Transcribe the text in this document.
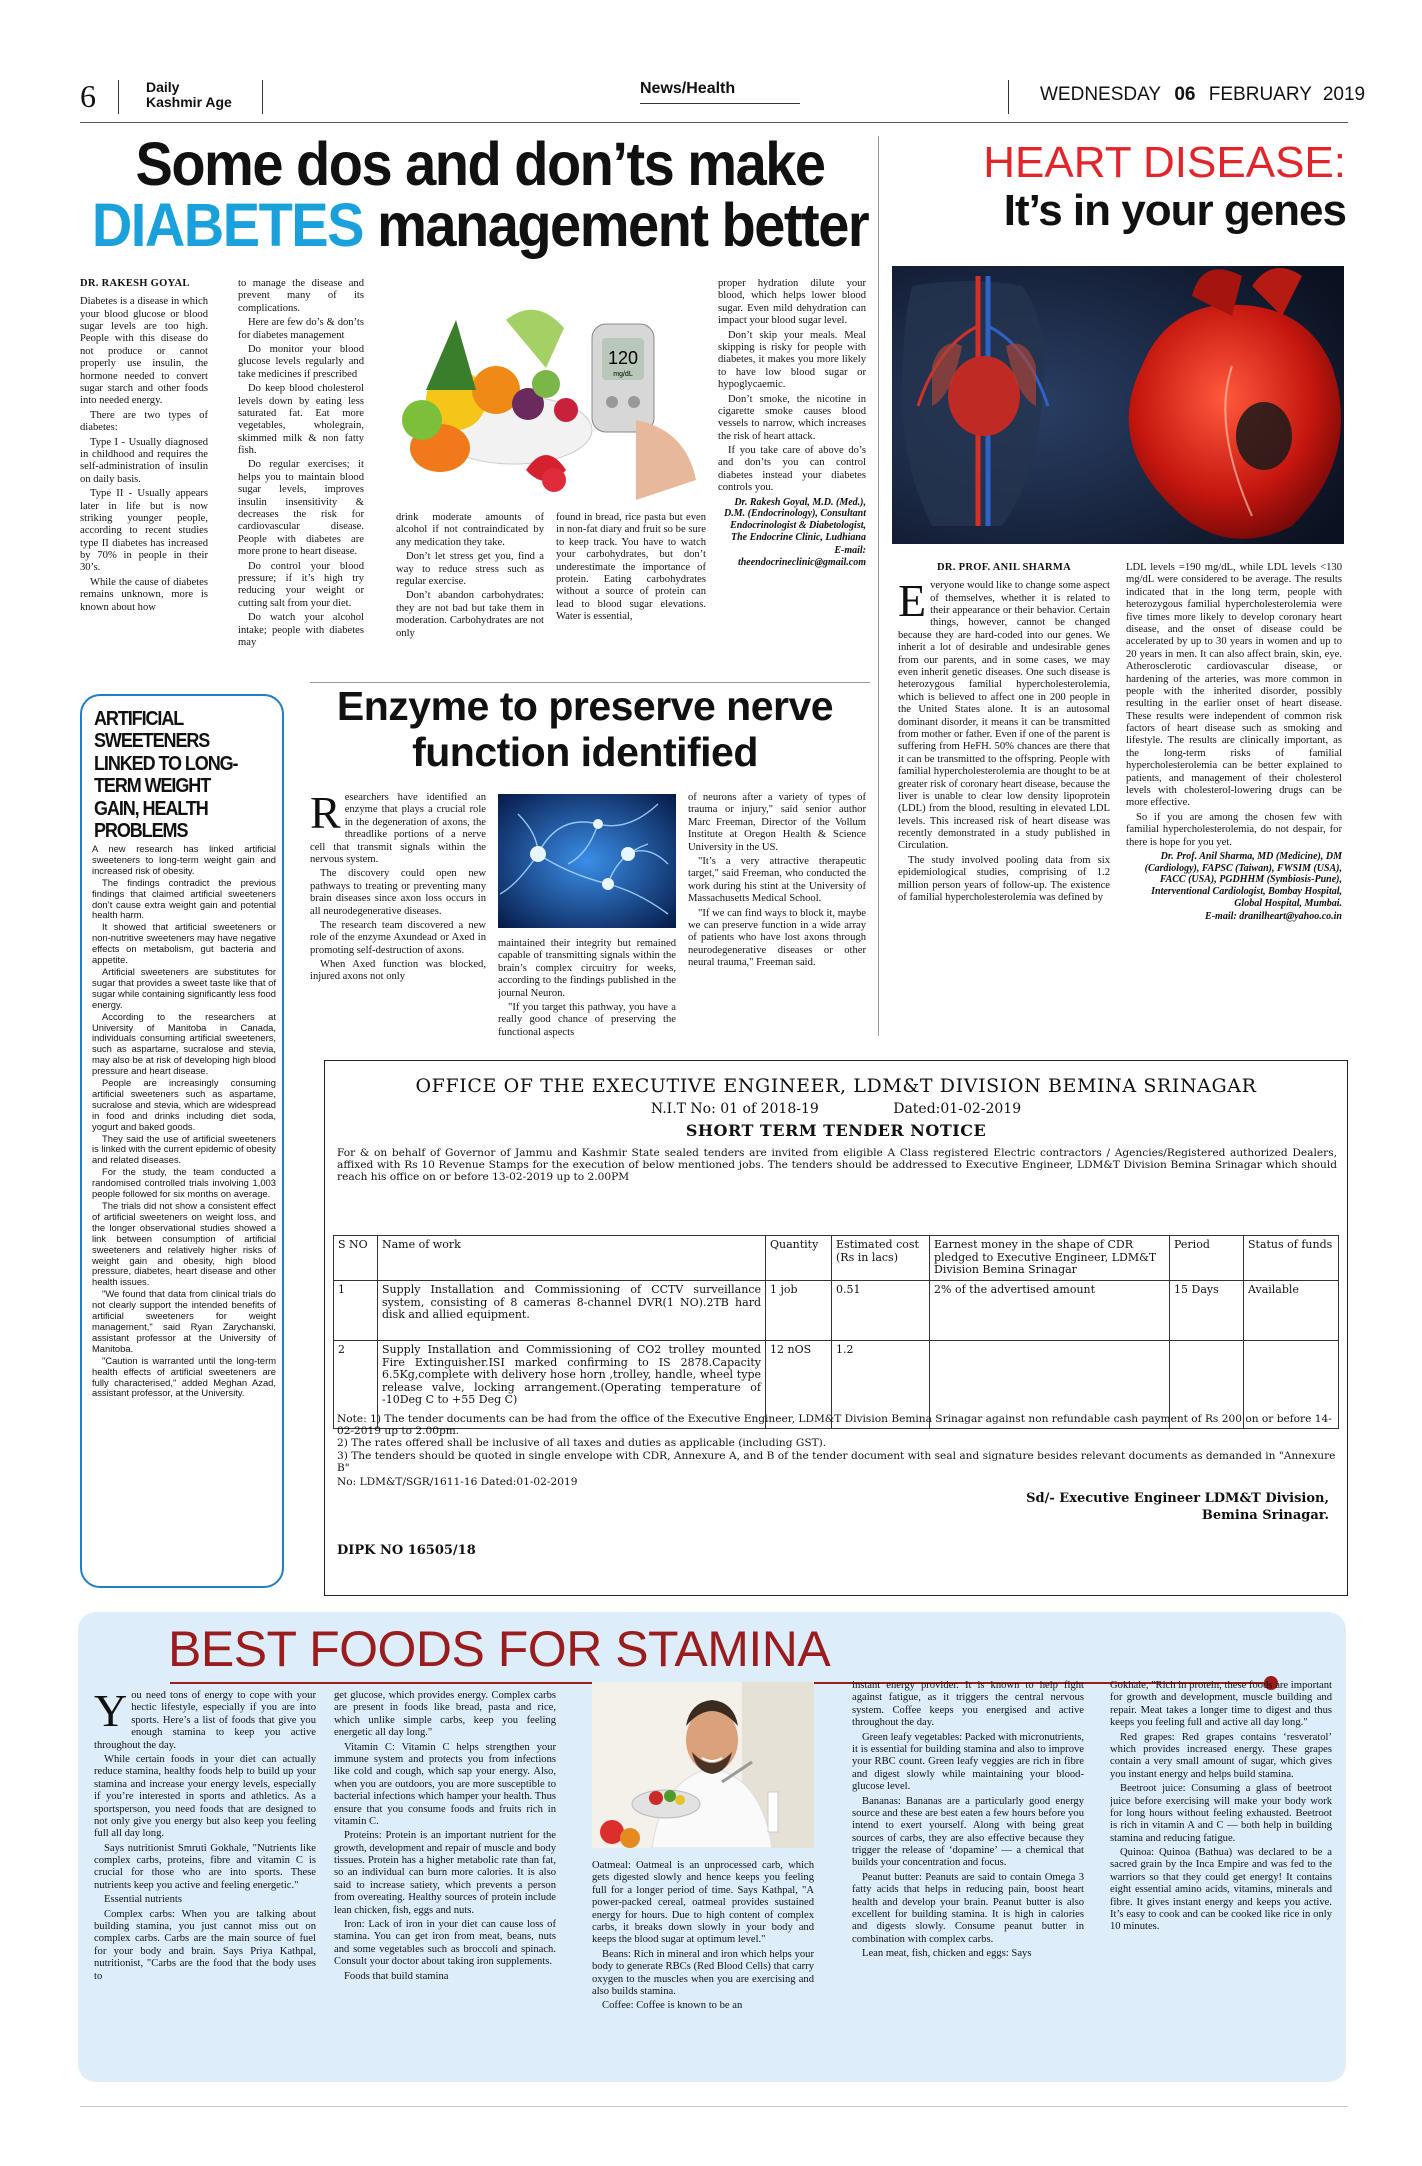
6	Daily
Kashmir Age
News/Health	WEDNESDAY 06 FEBRUARY 2019
Some dos and don’ts make
DIABETES management better

DR. RAKESH GOYAL

Diabetes is a disease in which your blood glucose or blood sugar levels are too high. People with this disease do not produce or cannot properly use insulin, the hormone needed to convert sugar starch and other foods into needed energy.

There are two types of diabetes:

Type I - Usually diagnosed in childhood and requires the self-administration of insulin on daily basis.

Type II - Usually appears later in life but is now striking younger people, according to recent studies type II diabetes has increased by 70% in people in their 30’s.

While the cause of diabetes remains unknown, more is known about how

to manage the disease and prevent many of its complications.

Here are few do’s & don’ts for diabetes management

Do monitor your blood glucose levels regularly and take medicines if prescribed

Do keep blood cholesterol levels down by eating less saturated fat. Eat more vegetables, wholegrain, skimmed milk & non fatty fish.

Do regular exercises; it helps you to maintain blood sugar levels, improves insulin insensitivity & decreases the risk for cardiovascular disease. People with diabetes are more prone to heart disease.

Do control your blood pressure; if it’s high try reducing your weight or cutting salt from your diet.

Do watch your alcohol intake; people with diabetes may

120
mg/dL

drink moderate amounts of alcohol if not contraindicated by any medication they take.

Don’t let stress get you, find a way to reduce stress such as regular exercise.

Don’t abandon carbohydrates: they are not bad but take them in moderation. Carbohydrates are not only

found in bread, rice pasta but even in non-fat diary and fruit so be sure to keep track. You have to watch your carbohydrates, but don’t underestimate the importance of protein. Eating carbohydrates without a source of protein can lead to blood sugar elevations. Water is essential,

proper hydration dilute your blood, which helps lower blood sugar. Even mild dehydration can impact your blood sugar level.

Don’t skip your meals. Meal skipping is risky for people with diabetes, it makes you more likely to have low blood sugar or hypoglycaemic.

Don’t smoke, the nicotine in cigarette smoke causes blood vessels to narrow, which increases the risk of heart attack.

If you take care of above do’s and don’ts you can control diabetes instead your diabetes controls you.

Dr. Rakesh Goyal, M.D. (Med.), D.M. (Endocrinology), Consultant Endocrinologist & Diabetologist, The Endocrine Clinic, Ludhiana

E-mail: theendocrineclinic@gmail.com

HEART DISEASE:
It’s in your genes

DR. PROF. ANIL SHARMA

Everyone would like to change some aspect of themselves, whether it is related to their appearance or their behavior. Certain things, however, cannot be changed because they are hard-coded into our genes. We inherit a lot of desirable and undesirable genes from our parents, and in some cases, we may even inherit genetic diseases. One such disease is heterozygous familial hypercholesterolemia, which is believed to affect one in 200 people in the United States alone. It is an autosomal dominant disorder, it means it can be transmitted from mother or father. Even if one of the parent is suffering from HeFH. 50% chances are there that it can be transmitted to the offspring. People with familial hypercholesterolemia are thought to be at greater risk of coronary heart disease, because the liver is unable to clear low density lipoprotein (LDL) from the blood, resulting in elevated LDL levels. This increased risk of heart disease was recently demonstrated in a study published in Circulation.

The study involved pooling data from six epidemiological studies, comprising of 1.2 million person years of follow-up. The existence of familial hypercholesterolemia was defined by

LDL levels =190 mg/dL, while LDL levels <130 mg/dL were considered to be average. The results indicated that in the long term, people with heterozygous familial hypercholesterolemia were five times more likely to develop coronary heart disease, and the onset of disease could be accelerated by up to 30 years in women and up to 20 years in men. It can also affect brain, skin, eye. Atherosclerotic cardiovascular disease, or hardening of the arteries, was more common in people with the inherited disorder, possibly resulting in the earlier onset of heart disease. These results were independent of common risk factors of heart disease such as smoking and lifestyle. The results are clinically important, as the long-term risks of familial hypercholesterolemia can be better explained to patients, and management of their cholesterol levels with cholesterol-lowering drugs can be more effective.

So if you are among the chosen few with familial hypercholesterolemia, do not despair, for there is hope for you yet.

Dr. Prof. Anil Sharma, MD (Medicine), DM (Cardiology), FAPSC (Taiwan), FWSIM (USA), FACC (USA), PGDHHM (Symbiosis-Pune), Interventional Cardiologist, Bombay Hospital, Global Hospital, Mumbai.

E-mail: dranilheart@yahoo.co.in

ARTIFICIAL SWEETENERS LINKED TO LONG-TERM WEIGHT GAIN, HEALTH PROBLEMS

A new research has linked artificial sweeteners to long-term weight gain and increased risk of obesity.

The findings contradict the previous findings that claimed artificial sweeteners don’t cause extra weight gain and potential health harm.

It showed that artificial sweeteners or non-nutritive sweeteners may have negative effects on metabolism, gut bacteria and appetite.

Artificial sweeteners are substitutes for sugar that provides a sweet taste like that of sugar while containing significantly less food energy.

According to the researchers at University of Manitoba in Canada, individuals consuming artificial sweeteners, such as aspartame, sucralose and stevia, may also be at risk of developing high blood pressure and heart disease.

People are increasingly consuming artificial sweeteners such as aspartame, sucralose and stevia, which are widespread in food and drinks including diet soda, yogurt and baked goods.

They said the use of artificial sweeteners is linked with the current epidemic of obesity and related diseases.

For the study, the team conducted a randomised controlled trials involving 1,003 people followed for six months on average.

The trials did not show a consistent effect of artificial sweeteners on weight loss, and the longer observational studies showed a link between consumption of artificial sweeteners and relatively higher risks of weight gain and obesity, high blood pressure, diabetes, heart disease and other health issues.

"We found that data from clinical trials do not clearly support the intended benefits of artificial sweeteners for weight management," said Ryan Zarychanski, assistant professor at the University of Manitoba.

"Caution is warranted until the long-term health effects of artificial sweeteners are fully characterised," added Meghan Azad, assistant professor, at the University.

Enzyme to preserve nerve
function identified

Researchers have identified an enzyme that plays a crucial role in the degeneration of axons, the threadlike portions of a nerve cell that transmit signals within the nervous system.

The discovery could open new pathways to treating or preventing many brain diseases since axon loss occurs in all neurodegenerative diseases.

The research team discovered a new role of the enzyme Axundead or Axed in promoting self-destruction of axons.

When Axed function was blocked, injured axons not only

maintained their integrity but remained capable of transmitting signals within the brain’s complex circuitry for weeks, according to the findings published in the journal Neuron.

"If you target this pathway, you have a really good chance of preserving the functional aspects

of neurons after a variety of types of trauma or injury," said senior author Marc Freeman, Director of the Vollum Institute at Oregon Health & Science University in the US.

"It’s a very attractive therapeutic target," said Freeman, who conducted the work during his stint at the University of Massachusetts Medical School.

"If we can find ways to block it, maybe we can preserve function in a wide array of patients who have lost axons through neurodegenerative diseases or other neural trauma," Freeman said.

OFFICE OF THE EXECUTIVE ENGINEER, LDM&T DIVISION BEMINA SRINAGAR
N.I.T No: 01 of 2018-19	Dated:01-02-2019
SHORT TERM TENDER NOTICE
For & on behalf of Governor of Jammu and Kashmir State sealed tenders are invited from eligible A Class registered Electric contractors / Agencies/Registered authorized Dealers, affixed with Rs 10 Revenue Stamps for the execution of below mentioned jobs. The tenders should be addressed to Executive Engineer, LDM&T Division Bemina Srinagar which should reach his office on or before 13-02-2019 up to 2.00PM
S NO	Name of work	Quantity	Estimated cost (Rs in lacs)	Earnest money in the shape of CDR pledged to Executive Engineer, LDM&T Division Bemina Srinagar	Period	Status of funds
1	Supply Installation and Commissioning of CCTV surveillance system, consisting of 8 cameras 8-channel DVR(1 NO).2TB hard disk and allied equipment.	1 job	0.51	2% of the advertised amount	15 Days	Available
2	Supply Installation and Commissioning of CO2 trolley mounted Fire Extinguisher.ISI marked confirming to IS 2878.Capacity 6.5Kg,complete with delivery hose horn ,trolley, handle, wheel type release valve, locking arrangement.(Operating temperature of -10Deg C to +55 Deg C)	12 nOS	1.2			
Note: 1) The tender documents can be had from the office of the Executive Engineer, LDM&T Division Bemina Srinagar against non refundable cash payment of Rs 200 on or before 14-02-2019 up to 2.00pm.
2) The rates offered shall be inclusive of all taxes and duties as applicable (including GST).
3) The tenders should be quoted in single envelope with CDR, Annexure A, and B of the tender document with seal and signature besides relevant documents as demanded in "Annexure B"
No: LDM&T/SGR/1611-16 Dated:01-02-2019
Sd/- Executive Engineer LDM&T Division,
Bemina Srinagar.
DIPK NO 16505/18
BEST FOODS FOR STAMINA

You need tons of energy to cope with your hectic lifestyle, especially if you are into sports. Here’s a list of foods that give you enough stamina to keep you active throughout the day.

While certain foods in your diet can actually reduce stamina, healthy foods help to build up your stamina and increase your energy levels, especially if you’re interested in sports and athletics. As a sportsperson, you need foods that are designed to not only give you energy but also keep you feeling full all day long.

Says nutritionist Smruti Gokhale, "Nutrients like complex carbs, proteins, fibre and vitamin C is crucial for those who are into sports. These nutrients keep you active and feeling energetic."

Essential nutrients

Complex carbs: When you are talking about building stamina, you just cannot miss out on complex carbs. Carbs are the main source of fuel for your body and brain. Says Priya Kathpal, nutritionist, "Carbs are the food that the body uses to

get glucose, which provides energy. Complex carbs are present in foods like bread, pasta and rice, which unlike simple carbs, keep you feeling energetic all day long."

Vitamin C: Vitamin C helps strengthen your immune system and protects you from infections like cold and cough, which sap your energy. Also, when you are outdoors, you are more susceptible to bacterial infections which hamper your health. Thus ensure that you consume foods and fruits rich in vitamin C.

Proteins: Protein is an important nutrient for the growth, development and repair of muscle and body tissues. Protein has a higher metabolic rate than fat, so an individual can burn more calories. It is also said to increase satiety, which prevents a person from overeating. Healthy sources of protein include lean chicken, fish, eggs and nuts.

Iron: Lack of iron in your diet can cause loss of stamina. You can get iron from meat, beans, nuts and some vegetables such as broccoli and spinach. Consult your doctor about taking iron supplements.

Foods that build stamina

Oatmeal: Oatmeal is an unprocessed carb, which gets digested slowly and hence keeps you feeling full for a longer period of time. Says Kathpal, "A power-packed cereal, oatmeal provides sustained energy for hours. Due to high content of complex carbs, it breaks down slowly in your body and keeps the blood sugar at optimum level."

Beans: Rich in mineral and iron which helps your body to generate RBCs (Red Blood Cells) that carry oxygen to the muscles when you are exercising and also builds stamina.

Coffee: Coffee is known to be an

instant energy provider. It is known to help fight against fatigue, as it triggers the central nervous system. Coffee keeps you energised and active throughout the day.

Green leafy vegetables: Packed with micronutrients, it is essential for building stamina and also to improve your RBC count. Green leafy veggies are rich in fibre and digest slowly while maintaining your blood-glucose level.

Bananas: Bananas are a particularly good energy source and these are best eaten a few hours before you intend to exert yourself. Along with being great sources of carbs, they are also effective because they trigger the release of ‘dopamine’ — a chemical that builds your concentration and focus.

Peanut butter: Peanuts are said to contain Omega 3 fatty acids that helps in reducing pain, boost heart health and develop your brain. Peanut butter is also excellent for building stamina. It is high in calories and digests slowly. Consume peanut butter in combination with complex carbs.

Lean meat, fish, chicken and eggs: Says

Gokhale, "Rich in protein, these foods are important for growth and development, muscle building and repair. Meat takes a longer time to digest and thus keeps you feeling full and active all day long."

Red grapes: Red grapes contains ‘resveratol’ which provides increased energy. These grapes contain a very small amount of sugar, which gives you instant energy and helps build stamina.

Beetroot juice: Consuming a glass of beetroot juice before exercising will make your body work for long hours without feeling exhausted. Beetroot is rich in vitamin A and C — both help in building stamina and reducing fatigue.

Quinoa: Quinoa (Bathua) was declared to be a sacred grain by the Inca Empire and was fed to the warriors so that they could get energy! It contains eight essential amino acids, vitamins, minerals and fibre. It gives instant energy and keeps you active. It’s easy to cook and can be cooked like rice in only 10 minutes.
